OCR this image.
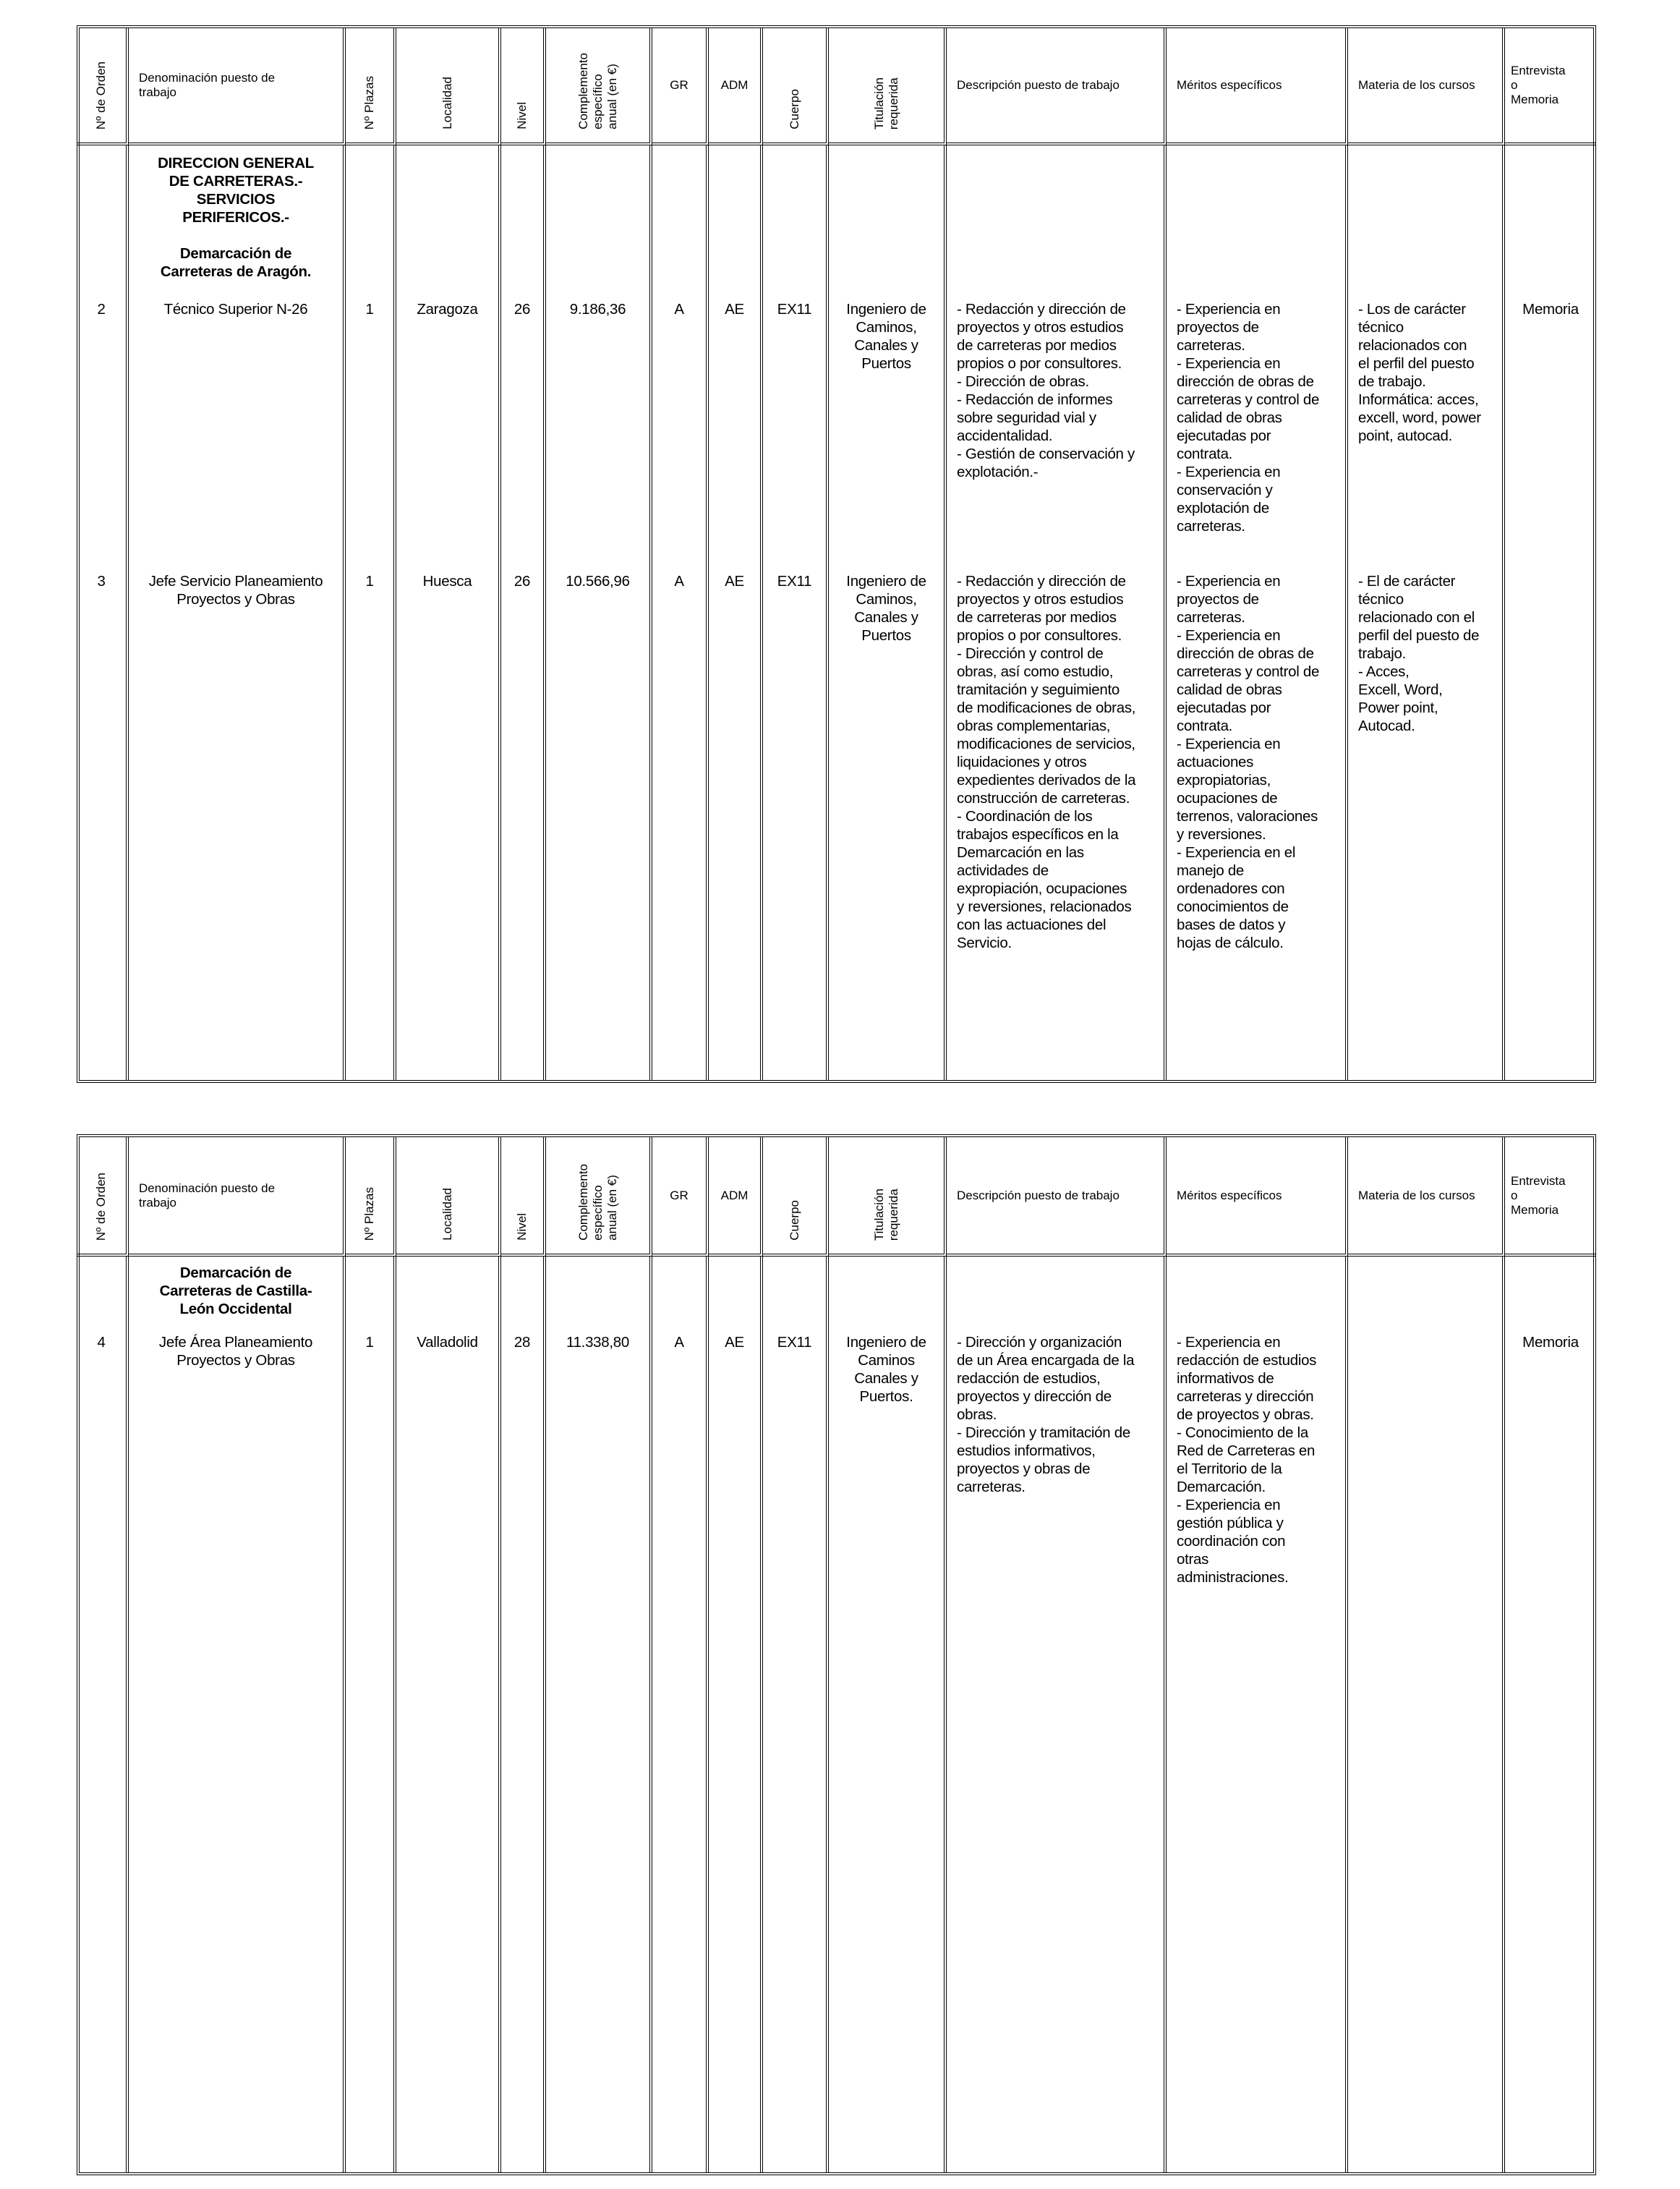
Nº de Orden
2
3
Denominación puesto de
trabajo
DIRECCION GENERAL
DE CARRETERAS.-
SERVICIOS
PERIFERICOS.-

Demarcación de
Carreteras de Aragón.
Técnico Superior N-26
Jefe Servicio Planeamiento
Proyectos y Obras
Nº Plazas
1
1
Localidad
Zaragoza
Huesca
Nivel
26
26
Complemento
específico
anual (en €)
9.186,36
10.566,96
GR
A
A
ADM
AE
AE
Cuerpo
EX11
EX11
Titulación
requerida
Ingeniero de
Caminos,
Canales y
Puertos
Ingeniero de
Caminos,
Canales y
Puertos
Descripción puesto de trabajo
- Redacción y dirección de
proyectos y otros estudios
de carreteras por medios
propios o por consultores.
- Dirección de obras.
- Redacción de informes
sobre seguridad vial y
accidentalidad.
- Gestión de conservación y
explotación.-
- Redacción y dirección de
proyectos y otros estudios
de carreteras por medios
propios o por consultores.
- Dirección y control de
obras, así como estudio,
tramitación y seguimiento
de modificaciones de obras,
obras complementarias,
modificaciones de servicios,
liquidaciones y otros
expedientes derivados de la
construcción de carreteras.
- Coordinación de los
trabajos específicos en la
Demarcación en las
actividades de
expropiación, ocupaciones
y reversiones, relacionados
con las actuaciones del
Servicio.
Méritos específicos
- Experiencia en
proyectos de
carreteras.
- Experiencia en
dirección de obras de
carreteras y control de
calidad de obras
ejecutadas por
contrata.
- Experiencia en
conservación y
explotación de
carreteras.
- Experiencia en
proyectos de
carreteras.
- Experiencia en
dirección de obras de
carreteras y control de
calidad de obras
ejecutadas por
contrata.
- Experiencia en
actuaciones
expropiatorias,
ocupaciones de
terrenos, valoraciones
y reversiones.
- Experiencia en el
manejo de
ordenadores con
conocimientos de
bases de datos y
hojas de cálculo.
Materia de los cursos
- Los de carácter
técnico
relacionados con
el perfil del puesto
de trabajo.
Informática: acces,
excell, word, power
point, autocad.
- El de carácter
técnico
relacionado con el
perfil del puesto de
trabajo.
- Acces,
Excell, Word,
Power point,
Autocad.
Entrevista
o
Memoria
Memoria
Nº de Orden
4
Denominación puesto de
trabajo
Demarcación de
Carreteras de Castilla-
León Occidental
Jefe Área Planeamiento
Proyectos y Obras
Nº Plazas
1
Localidad
Valladolid
Nivel
28
Complemento
específico
anual (en €)
11.338,80
GR
A
ADM
AE
Cuerpo
EX11
Titulación
requerida
Ingeniero de
Caminos
Canales y
Puertos.
Descripción puesto de trabajo
- Dirección y organización
de un Área encargada de la
redacción de estudios,
proyectos y dirección de
obras.
- Dirección y tramitación de
estudios informativos,
proyectos y obras de
carreteras.
Méritos específicos
- Experiencia en
redacción de estudios
informativos de
carreteras y dirección
de proyectos y obras.
- Conocimiento de la
Red de Carreteras en
el Territorio de la
Demarcación.
- Experiencia en
gestión pública y
coordinación con
otras
administraciones.
Materia de los cursos
Entrevista
o
Memoria
Memoria
